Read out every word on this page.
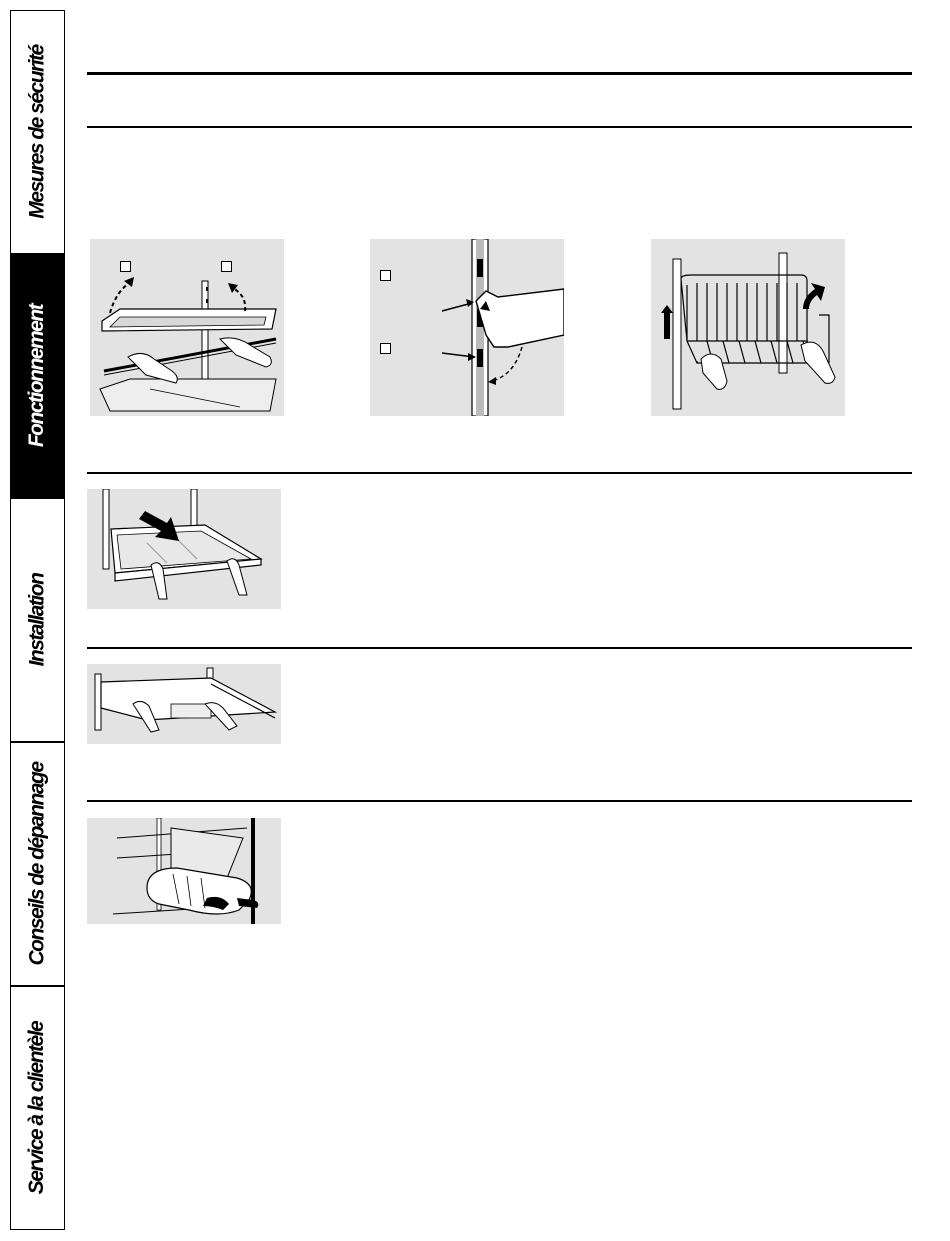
Mesures de sécurité
Fonctionnement
Installation
Conseils de dépannage
Service à la clientèle
